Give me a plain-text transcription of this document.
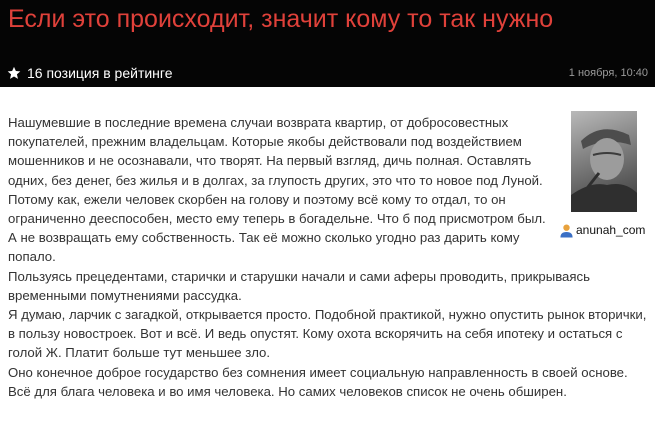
Если это происходит, значит кому то так нужно
16 позиция в рейтинге	1 ноября, 10:40
anunah_com

Нашумевшие в последние времена случаи возврата квартир, от добросовестных покупателей, прежним владельцам. Которые якобы действовали под воздействием мошенников и не осознавали, что творят. На первый взгляд, дичь полная. Оставлять одних, без денег, без жилья и в долгах, за глупость других, это что то новое под Луной. Потому как, ежели человек скорбен на голову и поэтому всё кому то отдал, то он ограниченно дееспособен, место ему теперь в богадельне. Что б под присмотром был. А не возвращать ему собственность. Так её можно сколько угодно раз дарить кому попало.

Пользуясь прецедентами, старички и старушки начали и сами аферы проводить, прикрываясь временными помутнениями рассудка.

Я думаю, ларчик с загадкой, открывается просто. Подобной практикой, нужно опустить рынок вторички, в пользу новостроек. Вот и всё. И ведь опустят. Кому охота вскорячить на себя ипотеку и остаться с голой Ж. Платит больше тут меньшее зло.

Оно конечное доброе государство без сомнения имеет социальную направленность в своей основе. Всё для блага человека и во имя человека. Но самих человеков список не очень обширен.
